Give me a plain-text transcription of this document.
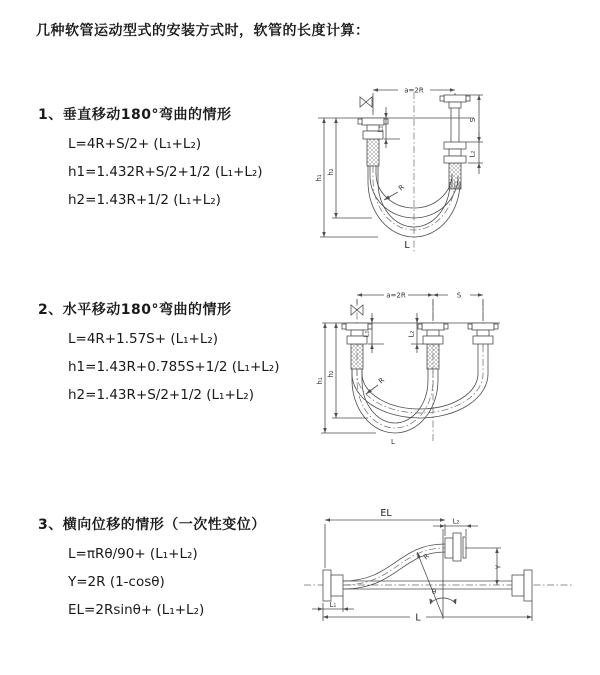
几种软管运动型式的安装方式时，软管的长度计算：
1、垂直移动180°弯曲的情形
L=4R+S/2+ (L₁+L₂)
h1=1.432R+S/2+1/2 (L₁+L₂)
h2=1.43R+1/2 (L₁+L₂)
a=2R
S
L₂
h₁
h₂
L₁
R
L
2、水平移动180°弯曲的情形
L=4R+1.57S+ (L₁+L₂)
h1=1.43R+0.785S+1/2 (L₁+L₂)
h2=1.43R+S/2+1/2 (L₁+L₂)
a=2R	S
h₁
h₂
L₁	L₂
R
L
3、横向位移的情形（一次性变位）
L=πRθ/90+ (L₁+L₂)
Y=2R (1-cosθ)
EL=2Rsinθ+ (L₁+L₂)
θ
R
EL
L₂
Y
L
L₁
